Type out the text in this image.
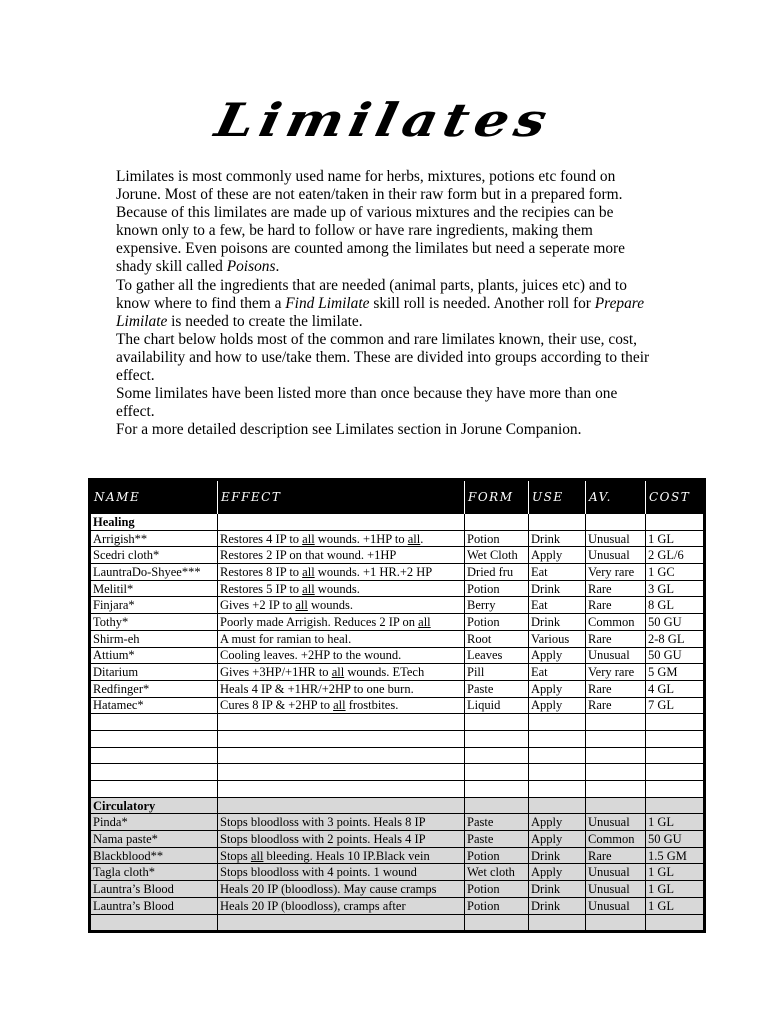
Limilates

Limilates is most commonly used name for herbs, mixtures, potions etc found on Jorune. Most of these are not eaten/taken in their raw form but in a prepared form. Because of this limilates are made up of various mixtures and the recipies can be known only to a few, be hard to follow or have rare ingredients, making them expensive. Even poisons are counted among the limilates but need a seperate more shady skill called Poisons.

To gather all the ingredients that are needed (animal parts, plants, juices etc) and to know where to find them a Find Limilate skill roll is needed. Another roll for Prepare Limilate is needed to create the limilate.

The chart below holds most of the common and rare limilates known, their use, cost, availability and how to use/take them. These are divided into groups according to their effect.

Some limilates have been listed more than once because they have more than one effect.

For a more detailed description see Limilates section in Jorune Companion.

NAME	EFFECT	FORM	USE	AV.	COST
Healing					
Arrigish**	Restores 4 IP to all wounds. +1HP to all.	Potion	Drink	Unusual	1 GL
Scedri cloth*	Restores 2 IP on that wound. +1HP	Wet Cloth	Apply	Unusual	2 GL/6
LauntraDo-Shyee***	Restores 8 IP to all wounds. +1 HR.+2 HP	Dried fru	Eat	Very rare	1 GC
Melitil*	Restores 5 IP to all wounds.	Potion	Drink	Rare	3 GL
Finjara*	Gives +2 IP to all wounds.	Berry	Eat	Rare	8 GL
Tothy*	Poorly made Arrigish. Reduces 2 IP on all	Potion	Drink	Common	50 GU
Shirm-eh	A must for ramian to heal.	Root	Various	Rare	2-8 GL
Attium*	Cooling leaves. +2HP to the wound.	Leaves	Apply	Unusual	50 GU
Ditarium	Gives +3HP/+1HR to all wounds. ETech	Pill	Eat	Very rare	5 GM
Redfinger*	Heals 4 IP & +1HR/+2HP to one burn.	Paste	Apply	Rare	4 GL
Hatamec*	Cures 8 IP & +2HP to all frostbites.	Liquid	Apply	Rare	7 GL

Circulatory					
Pinda*	Stops bloodloss with 3 points. Heals 8 IP	Paste	Apply	Unusual	1 GL
Nama paste*	Stops bloodloss with 2 points. Heals 4 IP	Paste	Apply	Common	50 GU
Blackblood**	Stops all bleeding. Heals 10 IP.Black vein	Potion	Drink	Rare	1.5 GM
Tagla cloth*	Stops bloodloss with 4 points. 1 wound	Wet cloth	Apply	Unusual	1 GL
Launtra’s Blood	Heals 20 IP (bloodloss). May cause cramps	Potion	Drink	Unusual	1 GL
Launtra’s Blood	Heals 20 IP (bloodloss), cramps after	Potion	Drink	Unusual	1 GL
